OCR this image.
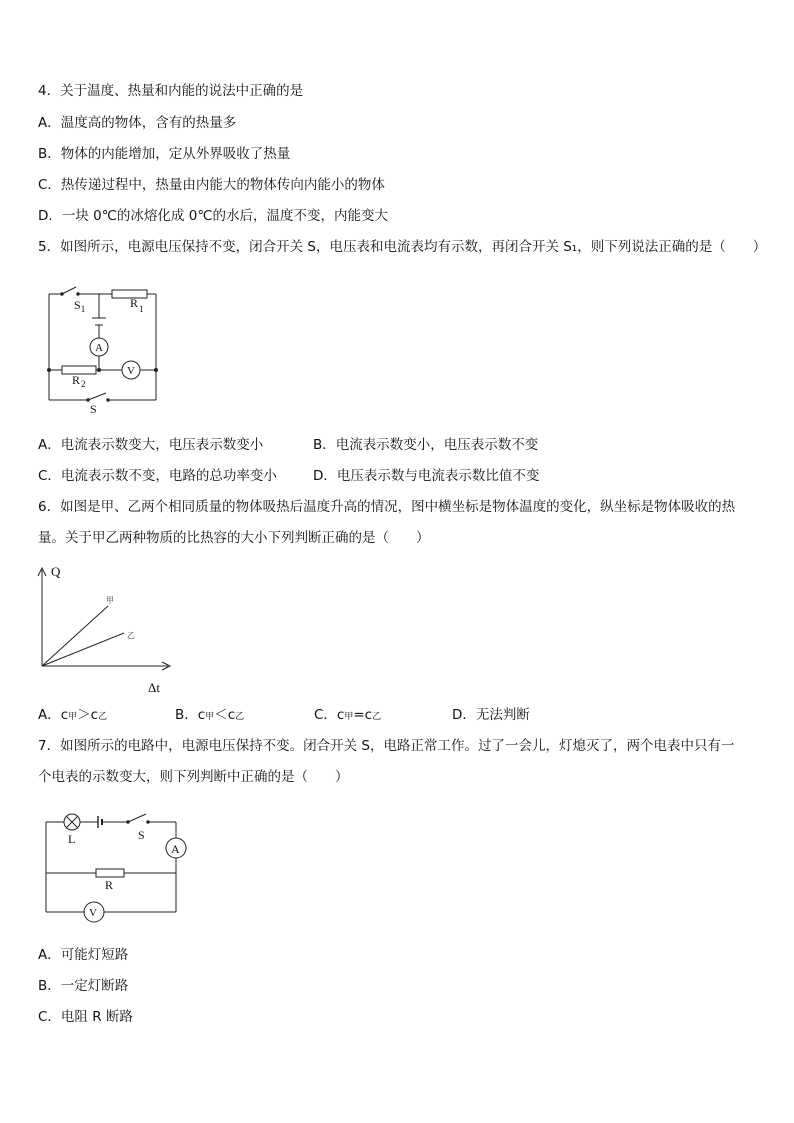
4．关于温度、热量和内能的说法中正确的是
A．温度高的物体，含有的热量多
B．物体的内能增加，定从外界吸收了热量
C．热传递过程中，热量由内能大的物体传向内能小的物体
D．一块 0℃的冰熔化成 0℃的水后，温度不变，内能变大
5．如图所示，电源电压保持不变，闭合开关 S，电压表和电流表均有示数，再闭合开关 S₁，则下列说法正确的是（　　）
$S_1$	$R_1$
A
V
$R_2$
S
A．电流表示数变大，电压表示数变小	B．电流表示数变小，电压表示数不变
C．电流表示数不变，电路的总功率变小	D．电压表示数与电流表示数比值不变
6．如图是甲、乙两个相同质量的物体吸热后温度升高的情况，图中横坐标是物体温度的变化，纵坐标是物体吸收的热
量。关于甲乙两种物质的比热容的大小下列判断正确的是（　　）
Q
Δt
甲
乙
A．c甲＞c乙	B．c甲＜c乙	C．c甲=c乙	D．无法判断
7．如图所示的电路中，电源电压保持不变。闭合开关 S，电路正常工作。过了一会儿，灯熄灭了，两个电表中只有一
个电表的示数变大，则下列判断中正确的是（　　）
L	S
A
R
V
A．可能灯短路
B．一定灯断路
C．电阻 R 断路
